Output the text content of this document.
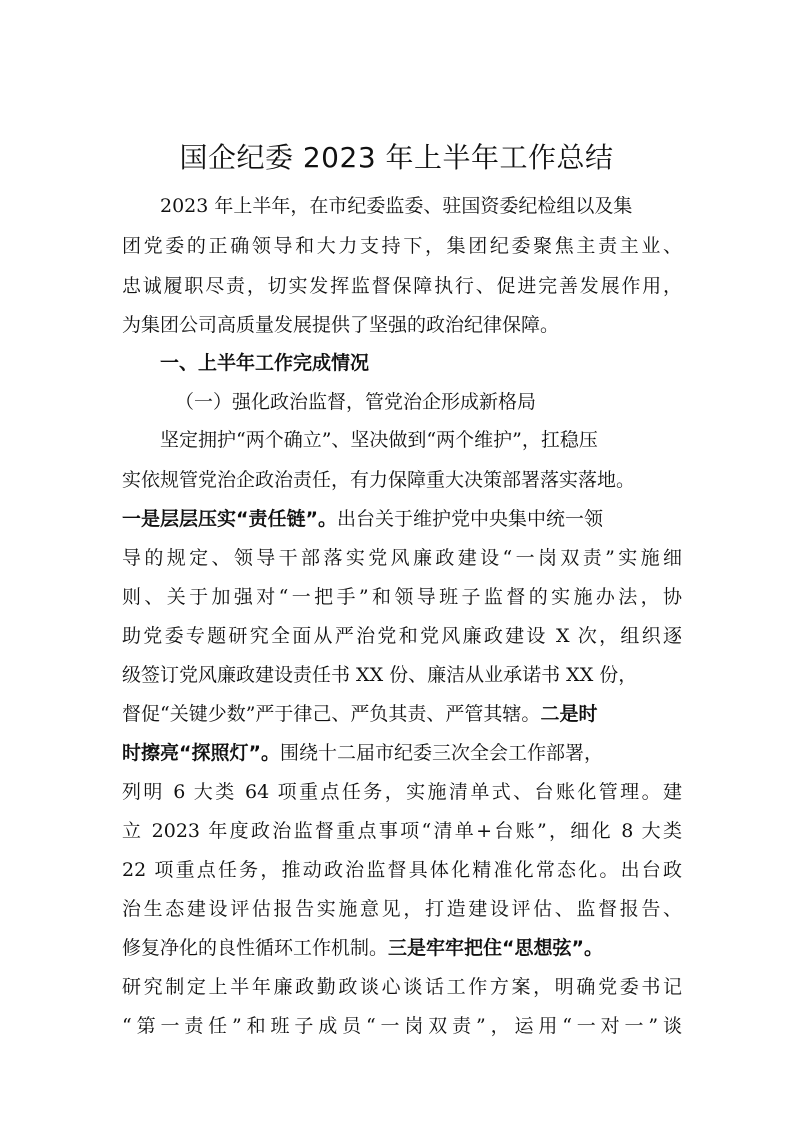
国企纪委 2023 年上半年工作总结
2023 年上半年，在市纪委监委、驻国资委纪检组以及集
团党委的正确领导和大力支持下，集团纪委聚焦主责主业、
忠诚履职尽责，切实发挥监督保障执行、促进完善发展作用，
为集团公司高质量发展提供了坚强的政治纪律保障。
一、上半年工作完成情况
（一）强化政治监督，管党治企形成新格局
坚定拥护“两个确立”、坚决做到“两个维护”，扛稳压
实依规管党治企政治责任，有力保障重大决策部署落实落地。
一是层层压实“责任链”。出台关于维护党中央集中统一领
导的规定、领导干部落实党风廉政建设“一岗双责”实施细
则、关于加强对“一把手”和领导班子监督的实施办法，协
助党委专题研究全面从严治党和党风廉政建设 X 次，组织逐
级签订党风廉政建设责任书 XX 份、廉洁从业承诺书 XX 份，
督促“关键少数”严于律己、严负其责、严管其辖。二是时
时擦亮“探照灯”。围绕十二届市纪委三次全会工作部署，
列明 6 大类 64 项重点任务，实施清单式、台账化管理。建
立 2023 年度政治监督重点事项“清单+台账”，细化 8 大类
22 项重点任务，推动政治监督具体化精准化常态化。出台政
治生态建设评估报告实施意见，打造建设评估、监督报告、
修复净化的良性循环工作机制。三是牢牢把住“思想弦”。
研究制定上半年廉政勤政谈心谈话工作方案，明确党委书记
“第一责任”和班子成员“一岗双责”，运用“一对一”谈
